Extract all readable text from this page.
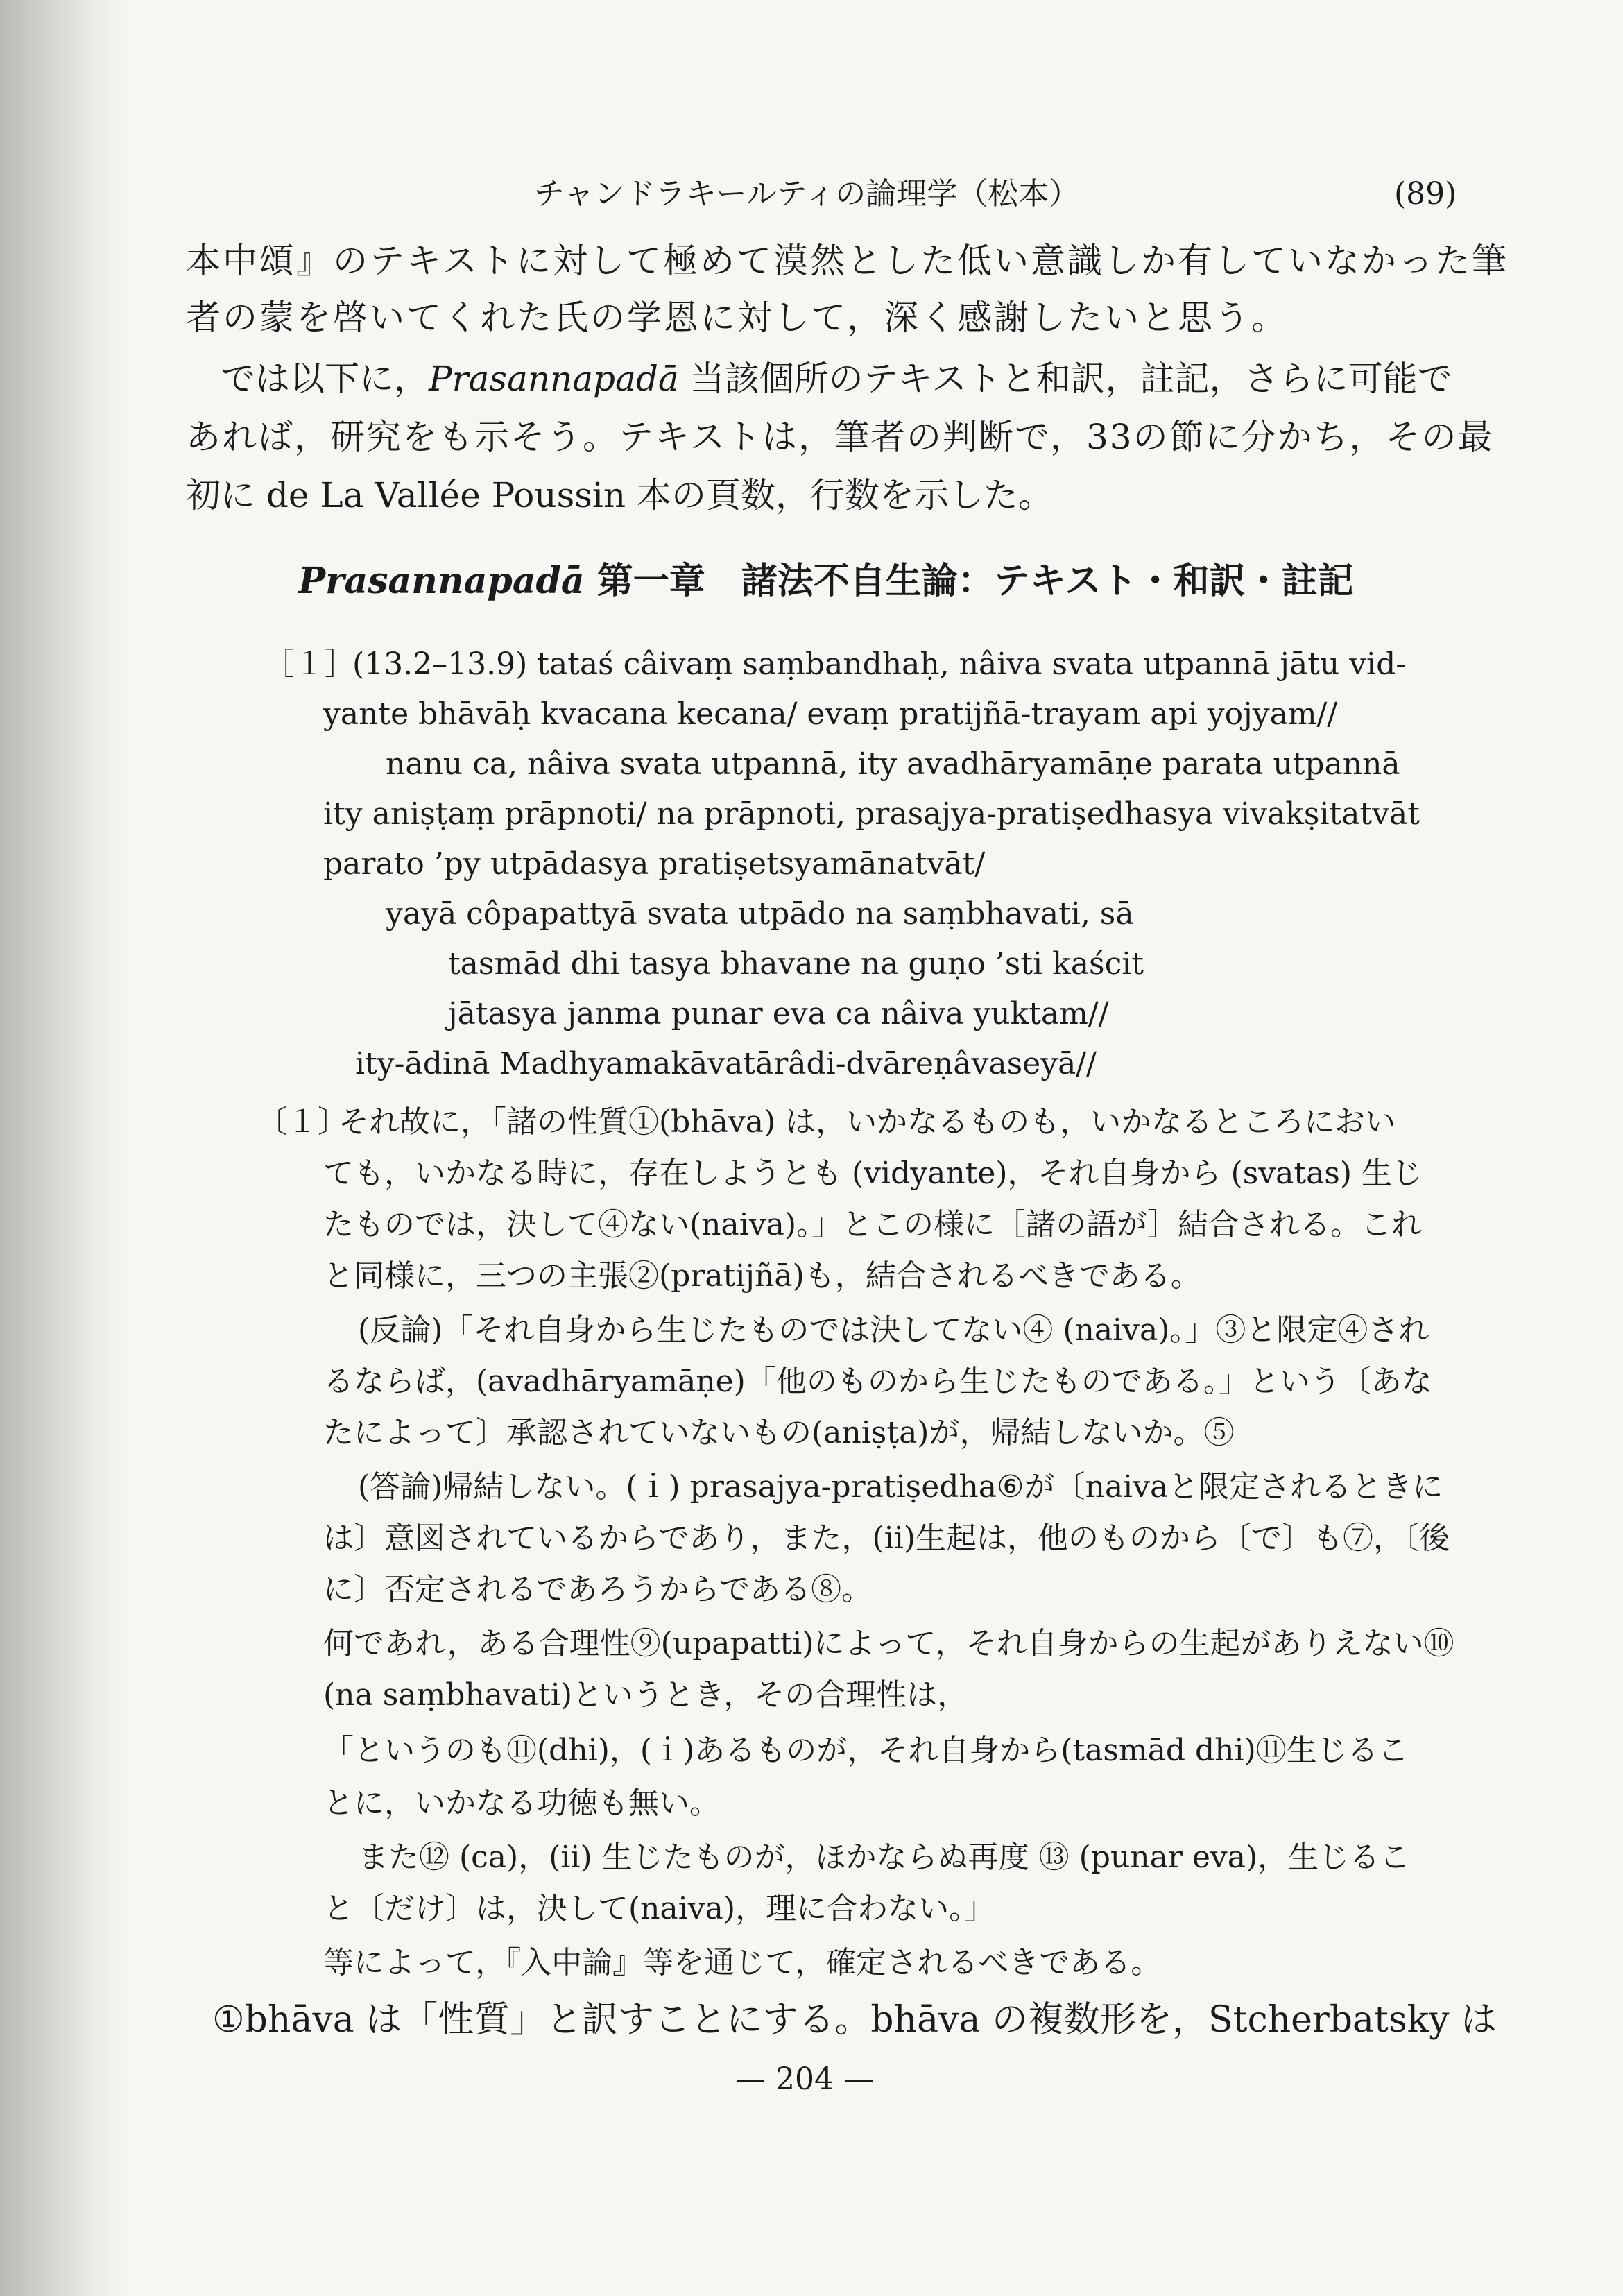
チャンドラキールティの論理学（松本）	(89)
本中頌』のテキストに対して極めて漠然とした低い意識しか有していなかった筆
者の蒙を啓いてくれた氏の学恩に対して，深く感謝したいと思う。
では以下に，Prasannapadā 当該個所のテキストと和訳，註記，さらに可能で
あれば，研究をも示そう。テキストは，筆者の判断で，33の節に分かち，その最
初に de La Vallée Poussin 本の頁数，行数を示した。
Prasannapadā 第一章　諸法不自生論：テキスト・和訳・註記
［１］
(13.2–13.9) tataś câivaṃ saṃbandhaḥ, nâiva svata utpannā jātu vid-
yante bhāvāḥ kvacana kecana/ evaṃ pratijñā-trayam api yojyam//
nanu ca, nâiva svata utpannā, ity avadhāryamāṇe parata utpannā
ity aniṣṭaṃ prāpnoti/ na prāpnoti, prasajya-pratiṣedhasya vivakṣitatvāt
parato ’py utpādasya pratiṣetsyamānatvāt/
yayā côpapattyā svata utpādo na saṃbhavati, sā
tasmād dhi tasya bhavane na guṇo ’sti kaścit
jātasya janma punar eva ca nâiva yuktam//
ity-ādinā Madhyamakāvatārâdi-dvāreṇâvaseyā//
〔１〕
それ故に，「諸の性質①(bhāva) は，いかなるものも，いかなるところにおい
ても，いかなる時に，存在しようとも (vidyante)，それ自身から (svatas) 生じ
たものでは，決して④ない(naiva)。」とこの様に［諸の語が］結合される。これ
と同様に，三つの主張②(pratijñā)も，結合されるべきである。
(反論)「それ自身から生じたものでは決してない④ (naiva)。」③と限定④され
るならば，(avadhāryamāṇe)「他のものから生じたものである。」という〔あな
たによって〕承認されていないもの(aniṣṭa)が，帰結しないか。⑤
(答論)帰結しない。(ｉ) prasajya-pratiṣedha⑥が〔naivaと限定されるときに
は〕意図されているからであり，また，(ii)生起は，他のものから〔で〕も⑦，〔後
に〕否定されるであろうからである⑧。
何であれ，ある合理性⑨(upapatti)によって，それ自身からの生起がありえない⑩
(na saṃbhavati)というとき，その合理性は，
「というのも⑪(dhi)，(ｉ)あるものが，それ自身から(tasmād dhi)⑪生じるこ
とに，いかなる功徳も無い。
また⑫ (ca)，(ii) 生じたものが，ほかならぬ再度 ⑬ (punar eva)，生じるこ
と〔だけ〕は，決して(naiva)，理に合わない。」
等によって，『入中論』等を通じて，確定されるべきである。
①bhāva は「性質」と訳すことにする。bhāva の複数形を，Stcherbatsky は
— 204 —
